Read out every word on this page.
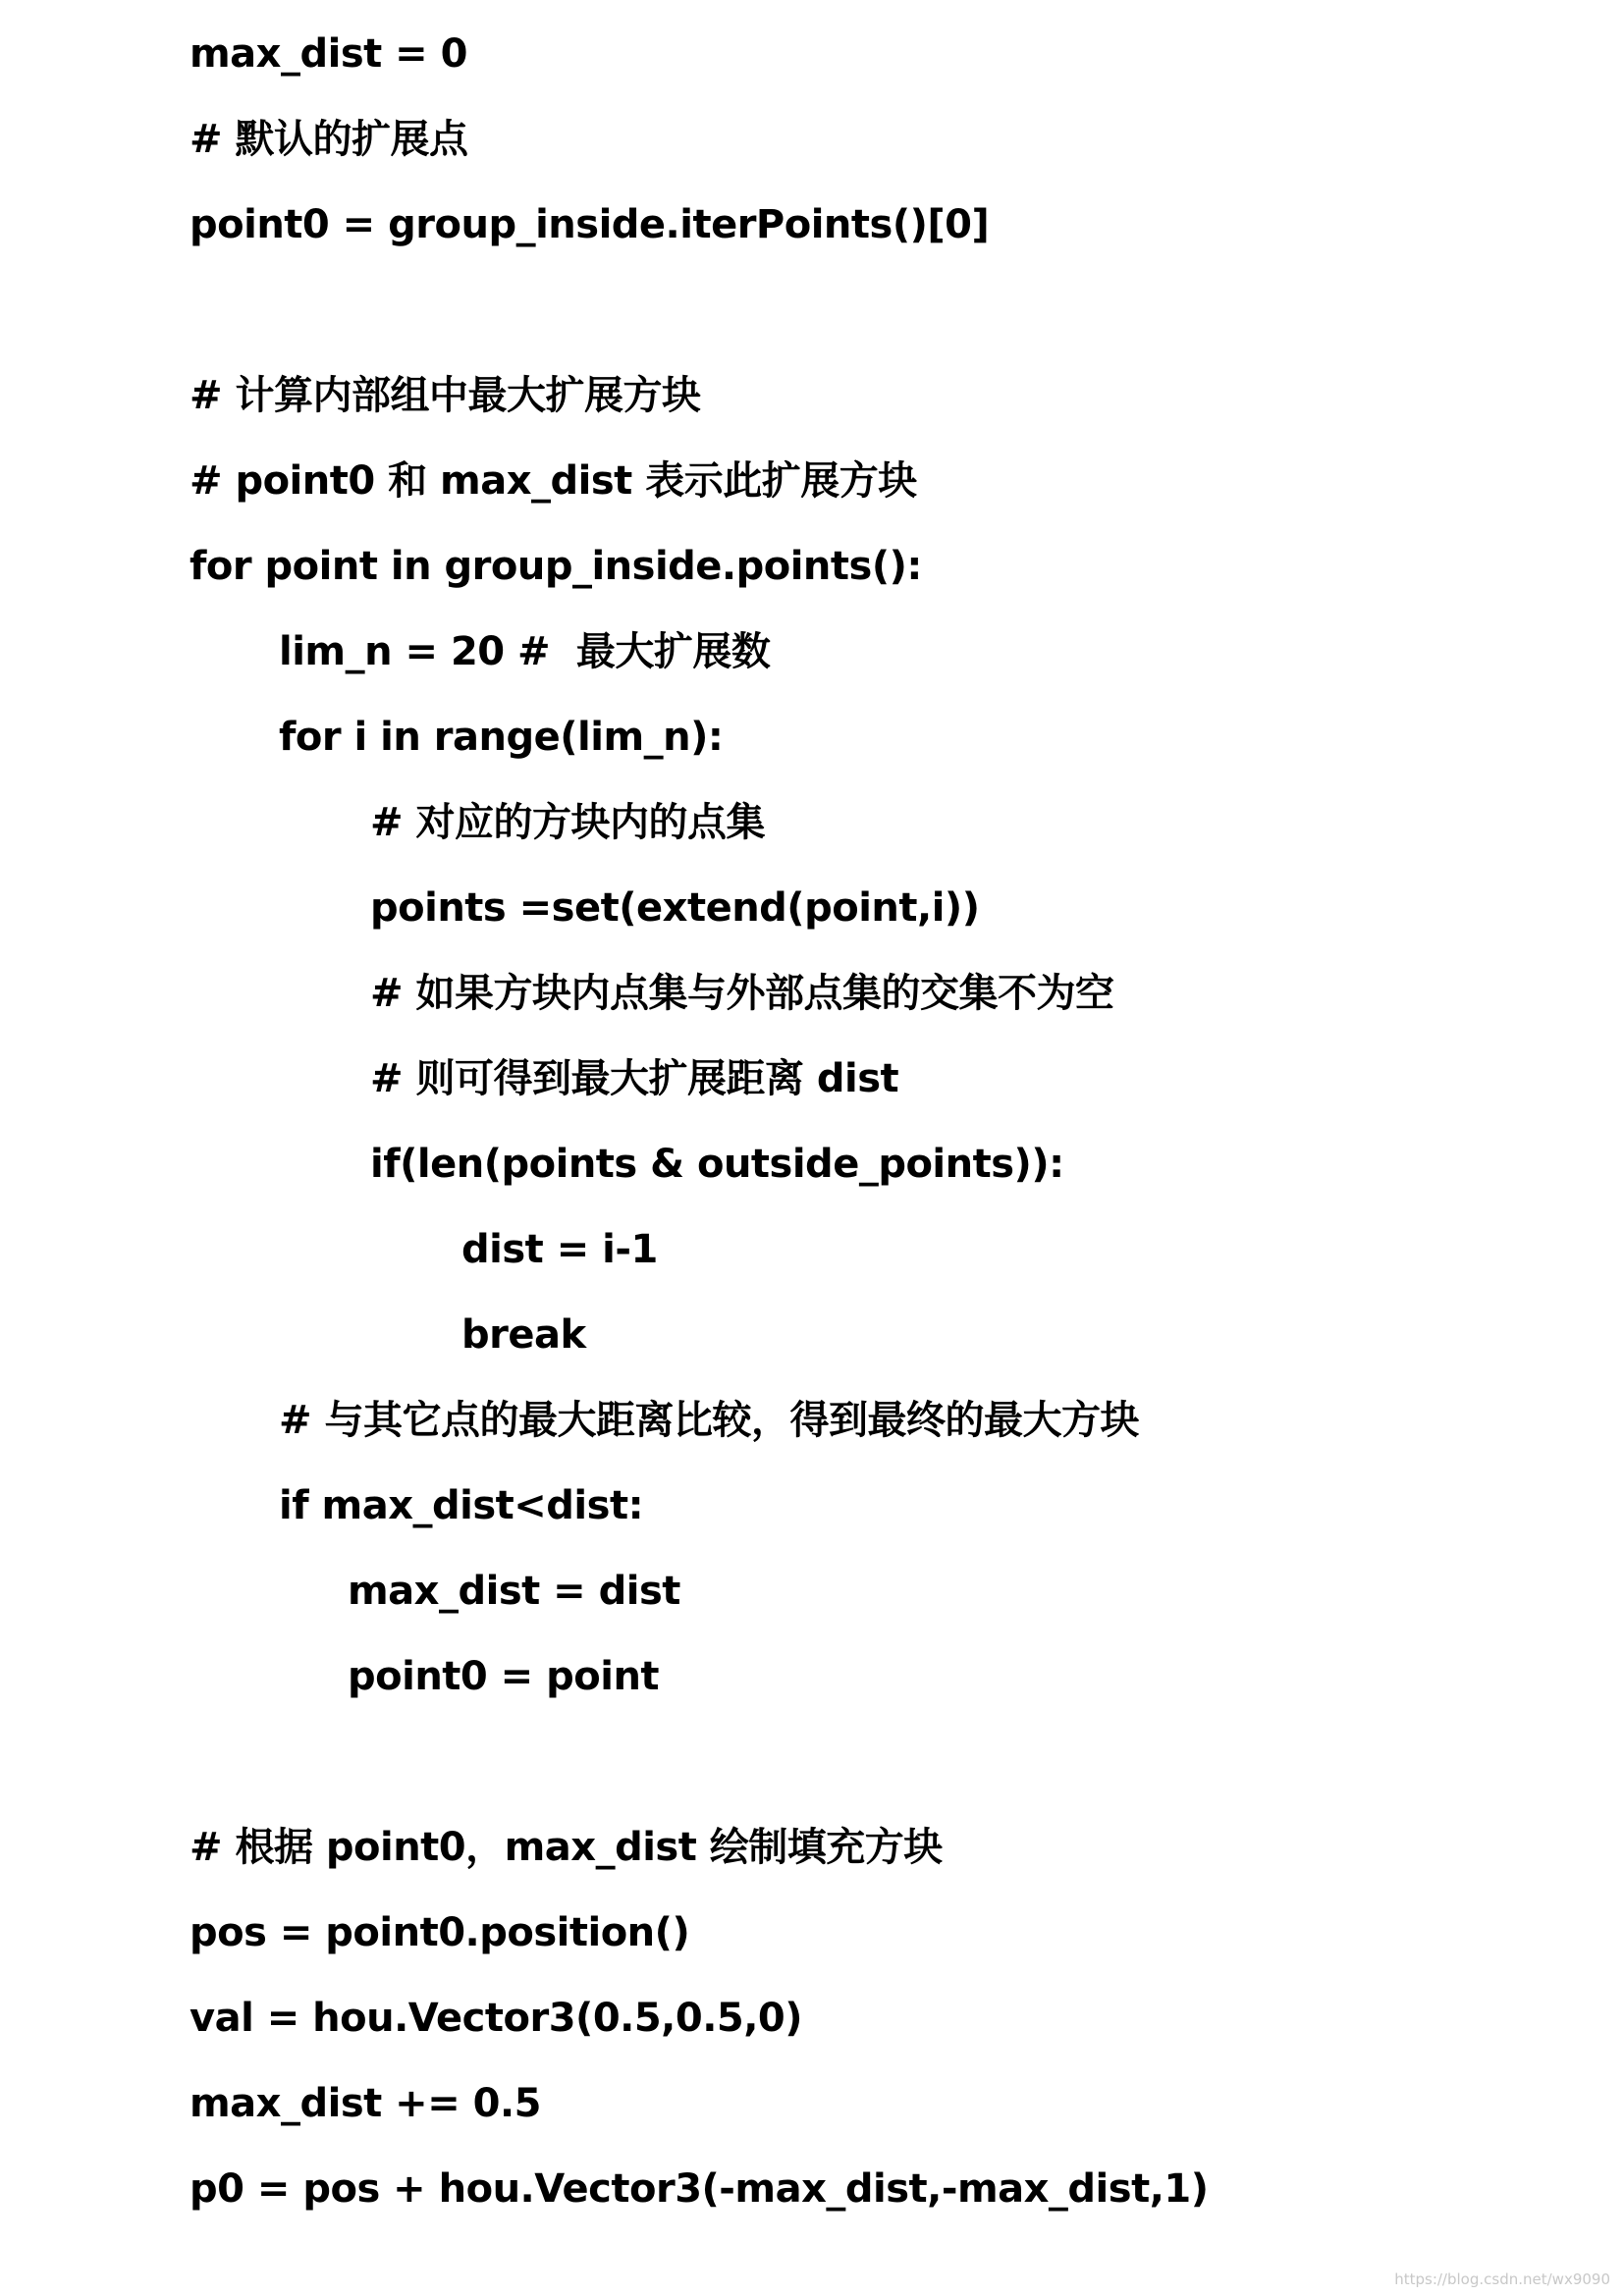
max_dist = 0
# 默认的扩展点
point0 = group_inside.iterPoints()[0]
# 计算内部组中最大扩展方块
# point0 和 max_dist 表示此扩展方块
for point in group_inside.points():
lim_n = 20 #  最大扩展数
for i in range(lim_n):
# 对应的方块内的点集
points =set(extend(point,i))
# 如果方块内点集与外部点集的交集不为空
# 则可得到最大扩展距离 dist
if(len(points & outside_points)):
dist = i-1
break
# 与其它点的最大距离比较，得到最终的最大方块
if max_dist<dist:
max_dist = dist
point0 = point
# 根据 point0，max_dist 绘制填充方块
pos = point0.position()
val = hou.Vector3(0.5,0.5,0)
max_dist += 0.5
p0 = pos + hou.Vector3(-max_dist,-max_dist,1)
https://blog.csdn.net/wx9090
